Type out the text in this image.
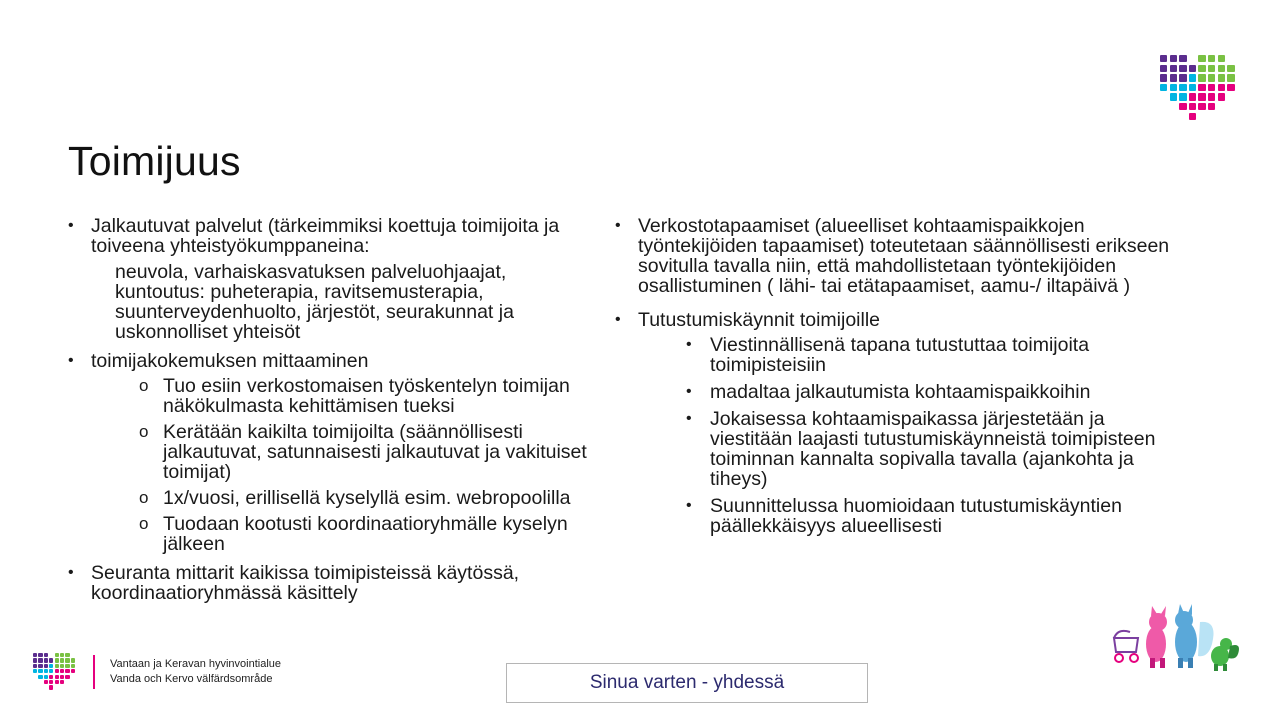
Toimijuus
• Jalkautuvat palvelut (tärkeimmiksi koettuja toimijoita ja toiveena yhteistyökumppaneina:
neuvola, varhaiskasvatuksen palveluohjaajat, kuntoutus: puheterapia, ravitsemusterapia, suunterveydenhuolto, järjestöt, seurakunnat ja uskonnolliset yhteisöt
• toimijakokemuksen mittaaminen
o Tuo esiin verkostomaisen työskentelyn toimijan näkökulmasta kehittämisen tueksi
o Kerätään kaikilta toimijoilta (säännöllisesti jalkautuvat, satunnaisesti jalkautuvat ja vakituiset toimijat)
o 1x/vuosi, erillisellä kyselyllä esim. webropoolilla
o Tuodaan kootusti koordinaatioryhmälle kyselyn jälkeen
• Seuranta mittarit kaikissa toimipisteissä käytössä, koordinaatioryhmässä käsittely
• Verkostotapaamiset (alueelliset kohtaamispaikkojen työntekijöiden tapaamiset) toteutetaan säännöllisesti erikseen sovitulla tavalla niin, että mahdollistetaan työntekijöiden osallistuminen ( lähi- tai etätapaamiset, aamu-/ iltapäivä )
• Tutustumiskäynnit toimijoille
• Viestinnällisenä tapana tutustuttaa toimijoita toimipisteisiin
• madaltaa jalkautumista kohtaamispaikkoihin
• Jokaisessa kohtaamispaikassa järjestetään ja viestitään laajasti tutustumiskäynneistä toimipisteen toiminnan kannalta sopivalla tavalla (ajankohta ja tiheys)
• Suunnittelussa huomioidaan tutustumiskäyntien päällekkäisyys alueellisesti
Vantaan ja Keravan hyvinvointialue
Vanda och Kervo välfärdsområde	Sinua varten - yhdessä
